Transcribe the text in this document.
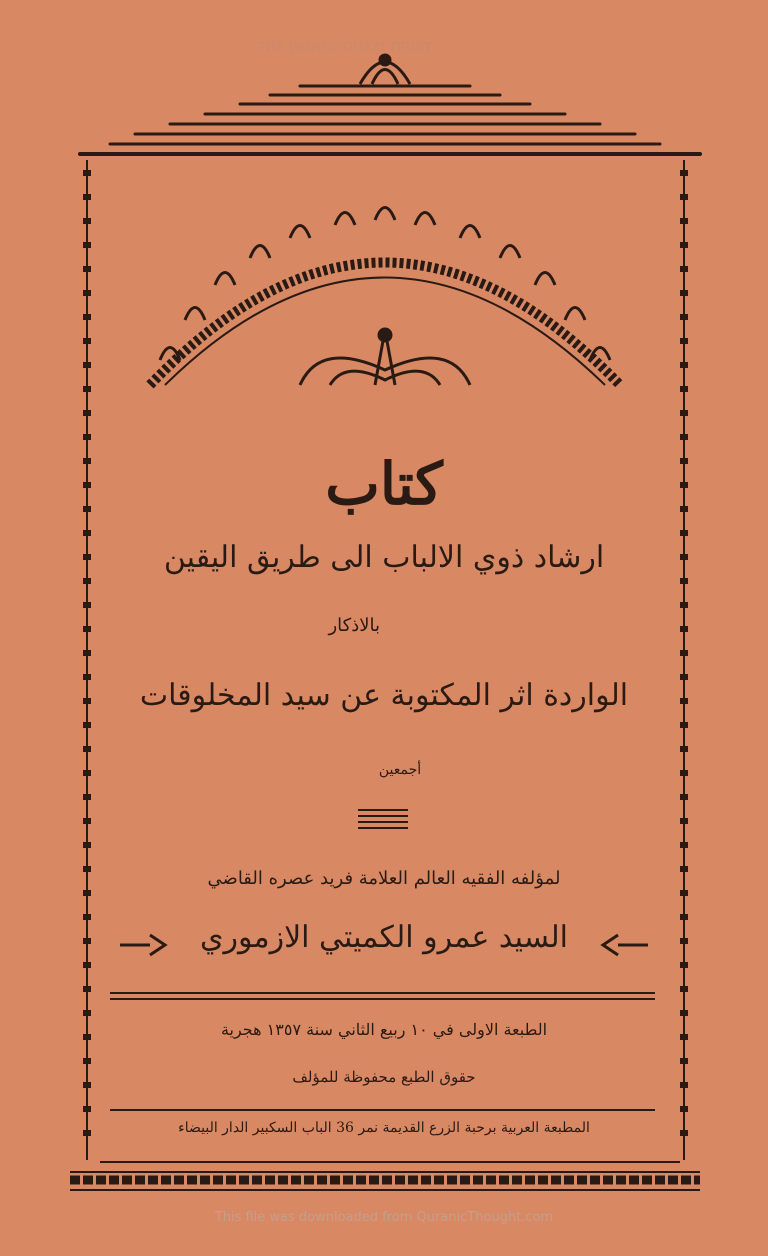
THE PRINCE GHAZI TRUST
كتاب
ارشاد ذوي الالباب الى طريق اليقين
بالاذكار
الواردة اثر المكتوبة عن سيد المخلوقات
أجمعين
لمؤلفه الفقيه العالم العلامة فريد عصره القاضي
السيد عمرو الكميتي الازموري
الطبعة الاولى في ١٠ ربيع الثاني سنة ١٣٥٧ هجرية
حقوق الطبع محفوظة للمؤلف
المطبعة العربية برحبة الزرع القديمة نمر 36 الباب السكبير الدار البيضاء
This file was downloaded from QuranicThought.com
